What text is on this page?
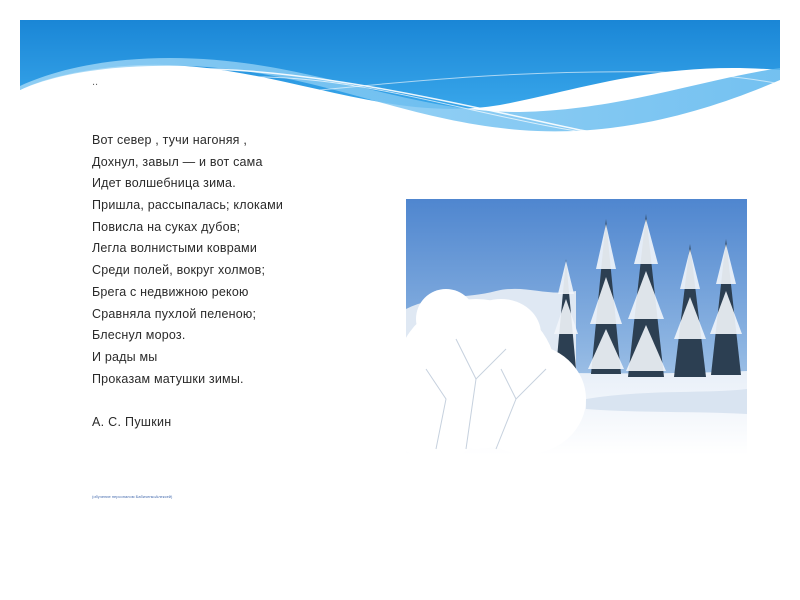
..
Вот север , тучи нагоняя ,
Дохнул, завыл — и вот сама
Идет волшебница зима.
Пришла, рассыпалась; клоками
Повисла на суках дубов;
Легла волнистыми коврами
Среди полей, вокруг холмов;
Брега с недвижною рекою
Сравняла пухлой пеленою;
Блеснул мороз.
И рады мы
Проказам матушки зимы.
А. С. Пушкин
(обучение персоналом БабиченкоАлексей)
www.photos.ru
